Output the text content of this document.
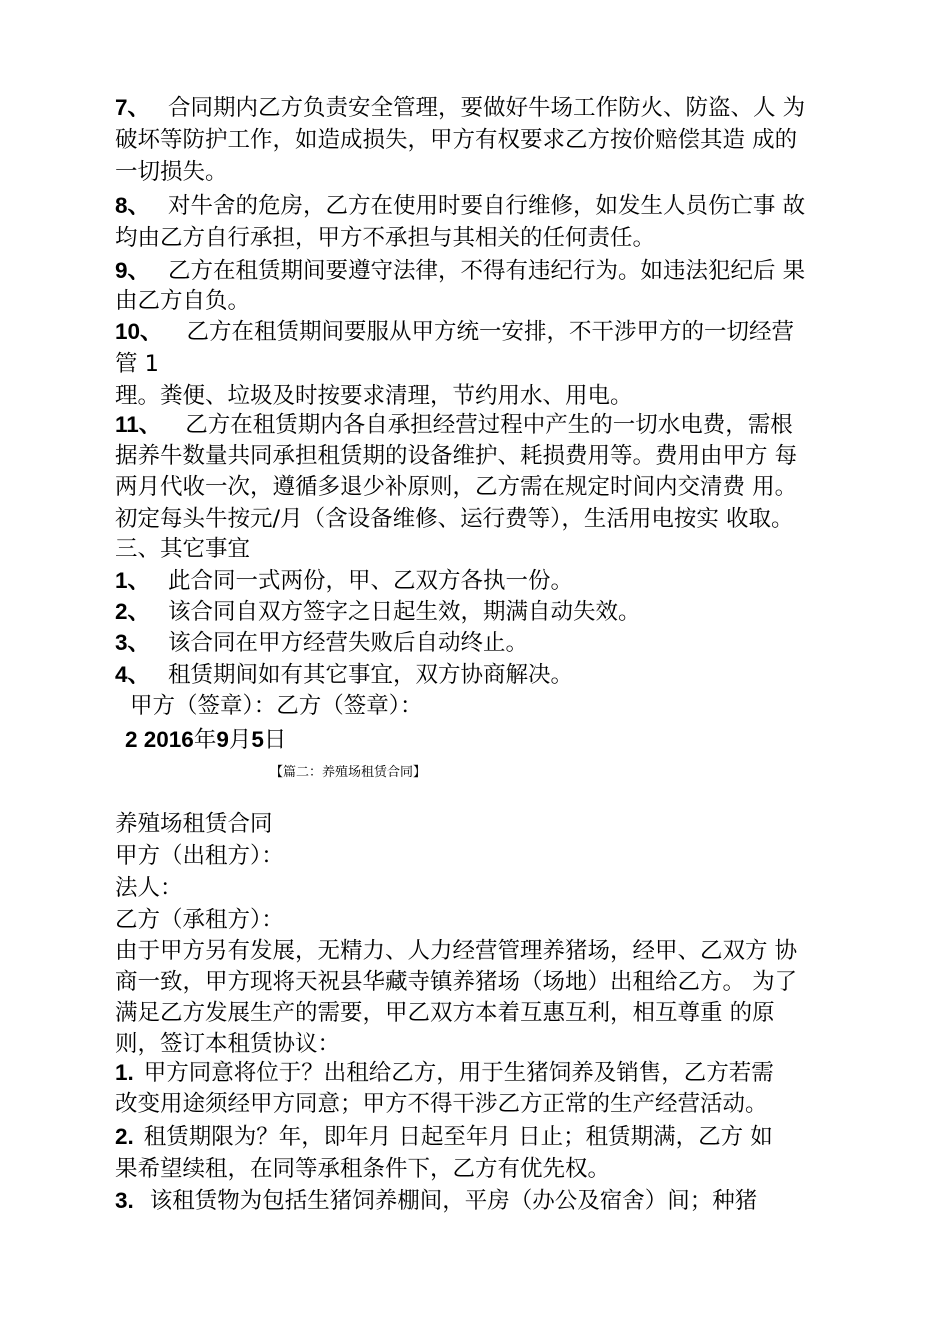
7、 合同期内乙方负责安全管理，要做好牛场工作防火、防盗、人 为
破坏等防护工作，如造成损失，甲方有权要求乙方按价赔偿其造 成的
一切损失。
8、 对牛舍的危房，乙方在使用时要自行维修，如发生人员伤亡事 故
均由乙方自行承担，甲方不承担与其相关的任何责任。
9、 乙方在租赁期间要遵守法律，不得有违纪行为。如违法犯纪后 果
由乙方自负。
10、 乙方在租赁期间要服从甲方统一安排，不干涉甲方的一切经营
管 1
理。粪便、垃圾及时按要求清理，节约用水、用电。
11、 乙方在租赁期内各自承担经营过程中产生的一切水电费，需根
据养牛数量共同承担租赁期的设备维护、耗损费用等。费用由甲方 每
两月代收一次，遵循多退少补原则，乙方需在规定时间内交清费 用。
初定每头牛按元/月（含设备维修、运行费等），生活用电按实 收取。
三、其它事宜
1、 此合同一式两份，甲、乙双方各执一份。
2、 该合同自双方签字之日起生效，期满自动失效。
3、 该合同在甲方经营失败后自动终止。
4、 租赁期间如有其它事宜，双方协商解决。
甲方（签章）：乙方（签章）：
2 2016年9月5日
【篇二：养殖场租赁合同】
养殖场租赁合同
甲方（出租方）：
法人：
乙方（承租方）：
由于甲方另有发展，无精力、人力经营管理养猪场，经甲、乙双方 协
商一致，甲方现将天祝县华藏寺镇养猪场（场地）出租给乙方。 为了
满足乙方发展生产的需要，甲乙双方本着互惠互利，相互尊重 的原
则，签订本租赁协议：
1. 甲方同意将位于？出租给乙方，用于生猪饲养及销售，乙方若需
改变用途须经甲方同意；甲方不得干涉乙方正常的生产经营活动。
2. 租赁期限为？年，即年月 日起至年月 日止；租赁期满，乙方 如
果希望续租，在同等承租条件下，乙方有优先权。
3. 该租赁物为包括生猪饲养棚间，平房（办公及宿舍）间；种猪
